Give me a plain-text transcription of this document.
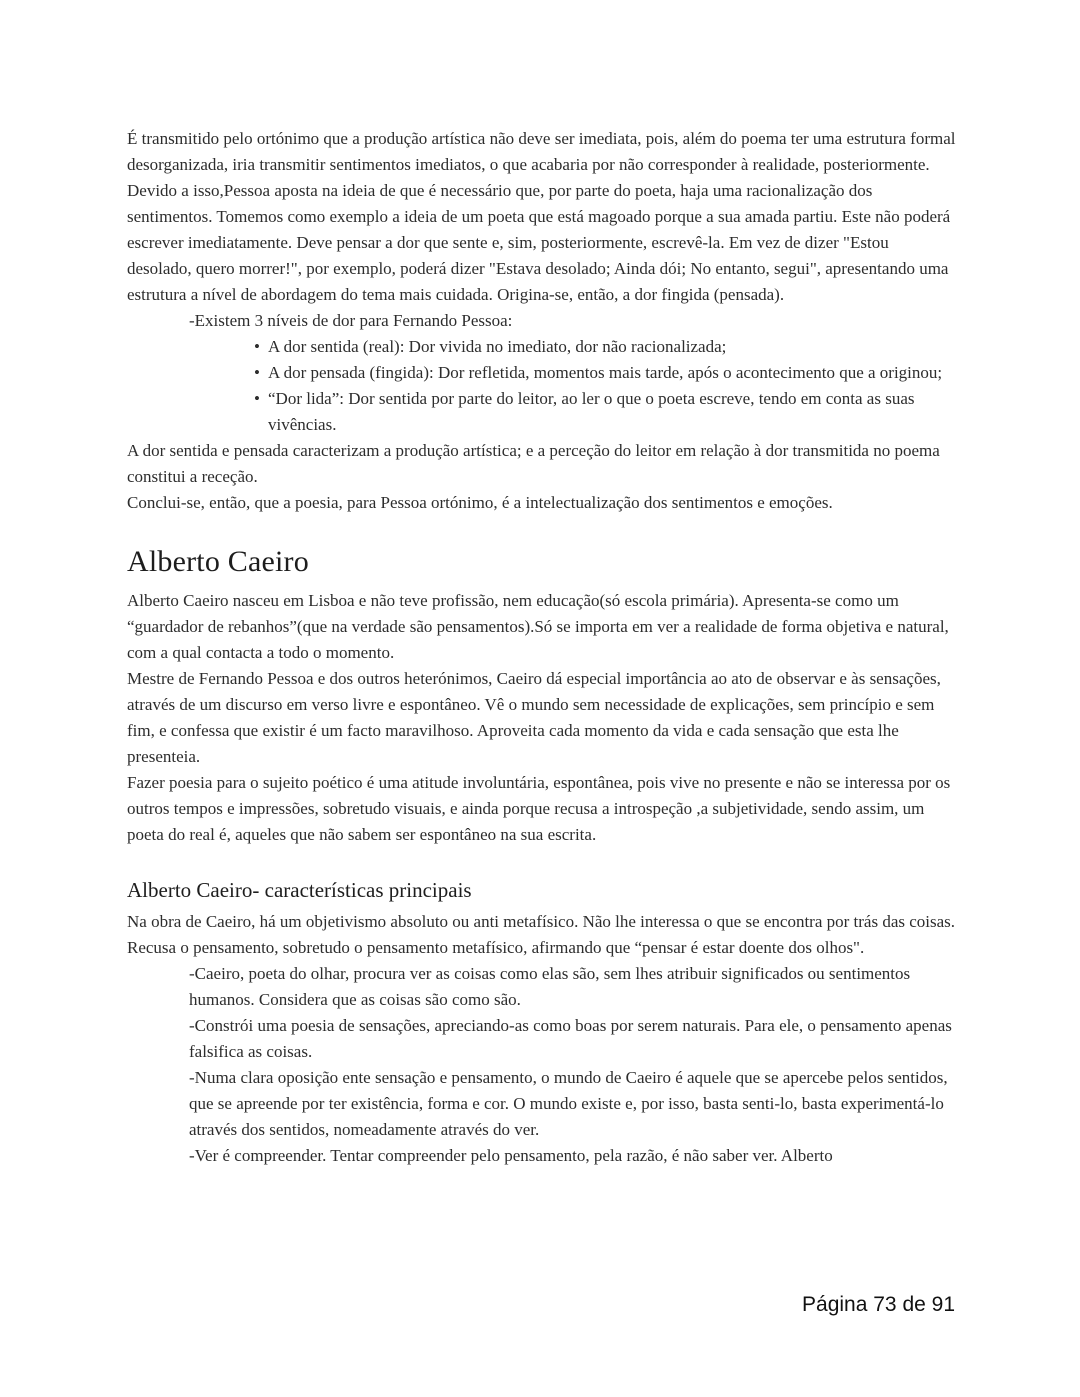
É transmitido pelo ortónimo que a produção artística não deve ser imediata, pois, além do poema ter uma estrutura formal desorganizada, iria transmitir sentimentos imediatos, o que acabaria por não corresponder à realidade, posteriormente. Devido a isso,Pessoa aposta na ideia de que é necessário que, por parte do poeta, haja uma racionalização dos sentimentos. Tomemos como exemplo a ideia de um poeta que está magoado porque a sua amada partiu. Este não poderá escrever imediatamente. Deve pensar a dor que sente e, sim, posteriormente, escrevê-la. Em vez de dizer "Estou desolado, quero morrer!", por exemplo, poderá dizer "Estava desolado; Ainda dói; No entanto, segui", apresentando uma estrutura a nível de abordagem do tema mais cuidada. Origina-se, então, a dor fingida (pensada).

-Existem 3 níveis de dor para Fernando Pessoa:

• A dor sentida (real): Dor vivida no imediato, dor não racionalizada;
• A dor pensada (fingida): Dor refletida, momentos mais tarde, após o acontecimento que a originou;
• “Dor lida”: Dor sentida por parte do leitor, ao ler o que o poeta escreve, tendo em conta as suas vivências.

A dor sentida e pensada caracterizam a produção artística; e a perceção do leitor em relação à dor transmitida no poema constitui a receção.

Conclui-se, então, que a poesia, para Pessoa ortónimo, é a intelectualização dos sentimentos e emoções.

Alberto Caeiro

Alberto Caeiro nasceu em Lisboa e não teve profissão, nem educação(só escola primária). Apresenta-se como um “guardador de rebanhos”(que na verdade são pensamentos).Só se importa em ver a realidade de forma objetiva e natural, com a qual contacta a todo o momento.

Mestre de Fernando Pessoa e dos outros heterónimos, Caeiro dá especial importância ao ato de observar e às sensações, através de um discurso em verso livre e espontâneo. Vê o mundo sem necessidade de explicações, sem princípio e sem fim, e confessa que existir é um facto maravilhoso. Aproveita cada momento da vida e cada sensação que esta lhe presenteia.

Fazer poesia para o sujeito poético é uma atitude involuntária, espontânea, pois vive no presente e não se interessa por os outros tempos e impressões, sobretudo visuais, e ainda porque recusa a introspeção ,a subjetividade, sendo assim, um poeta do real é, aqueles que não sabem ser espontâneo na sua escrita.

Alberto Caeiro- características principais

Na obra de Caeiro, há um objetivismo absoluto ou anti metafísico. Não lhe interessa o que se encontra por trás das coisas. Recusa o pensamento, sobretudo o pensamento metafísico, afirmando que “pensar é estar doente dos olhos".

-Caeiro, poeta do olhar, procura ver as coisas como elas são, sem lhes atribuir significados ou sentimentos humanos. Considera que as coisas são como são.
-Constrói uma poesia de sensações, apreciando-as como boas por serem naturais. Para ele, o pensamento apenas falsifica as coisas.
-Numa clara oposição ente sensação e pensamento, o mundo de Caeiro é aquele que se apercebe pelos sentidos, que se apreende por ter existência, forma e cor. O mundo existe e, por isso, basta senti-lo, basta experimentá-lo através dos sentidos, nomeadamente através do ver.
-Ver é compreender. Tentar compreender pelo pensamento, pela razão, é não saber ver. Alberto
Página 73 de 91
